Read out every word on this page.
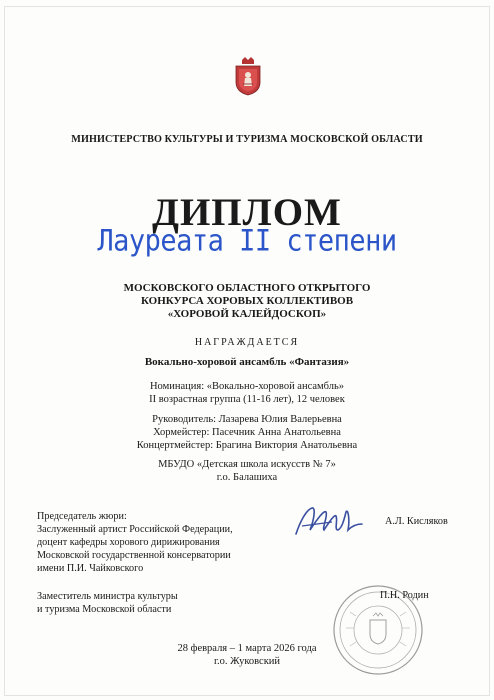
МИНИСТЕРСТВО КУЛЬТУРЫ И ТУРИЗМА МОСКОВСКОЙ ОБЛАСТИ
ДИПЛОМ
Лауреата II степени
МОСКОВСКОГО ОБЛАСТНОГО ОТКРЫТОГО
КОНКУРСА ХОРОВЫХ КОЛЛЕКТИВОВ
«ХОРОВОЙ КАЛЕЙДОСКОП»
НАГРАЖДАЕТСЯ
Вокально-хоровой ансамбль «Фантазия»
Номинация: «Вокально-хоровой ансамбль»
II возрастная группа (11-16 лет), 12 человек
Руководитель: Лазарева Юлия Валерьевна
Хормейстер: Пасечник Анна Анатольевна
Концертмейстер: Брагина Виктория Анатольевна
МБУДО «Детская школа искусств № 7»
г.о. Балашиха
Председатель жюри:
Заслуженный артист Российской Федерации,
доцент кафедры хорового дирижирования
Московской государственной консерватории
имени П.И. Чайковского
А.Л. Кисляков
Заместитель министра культуры
и туризма Московской области
П.Н. Родин
28 февраля – 1 марта 2026 года
г.о. Жуковский
